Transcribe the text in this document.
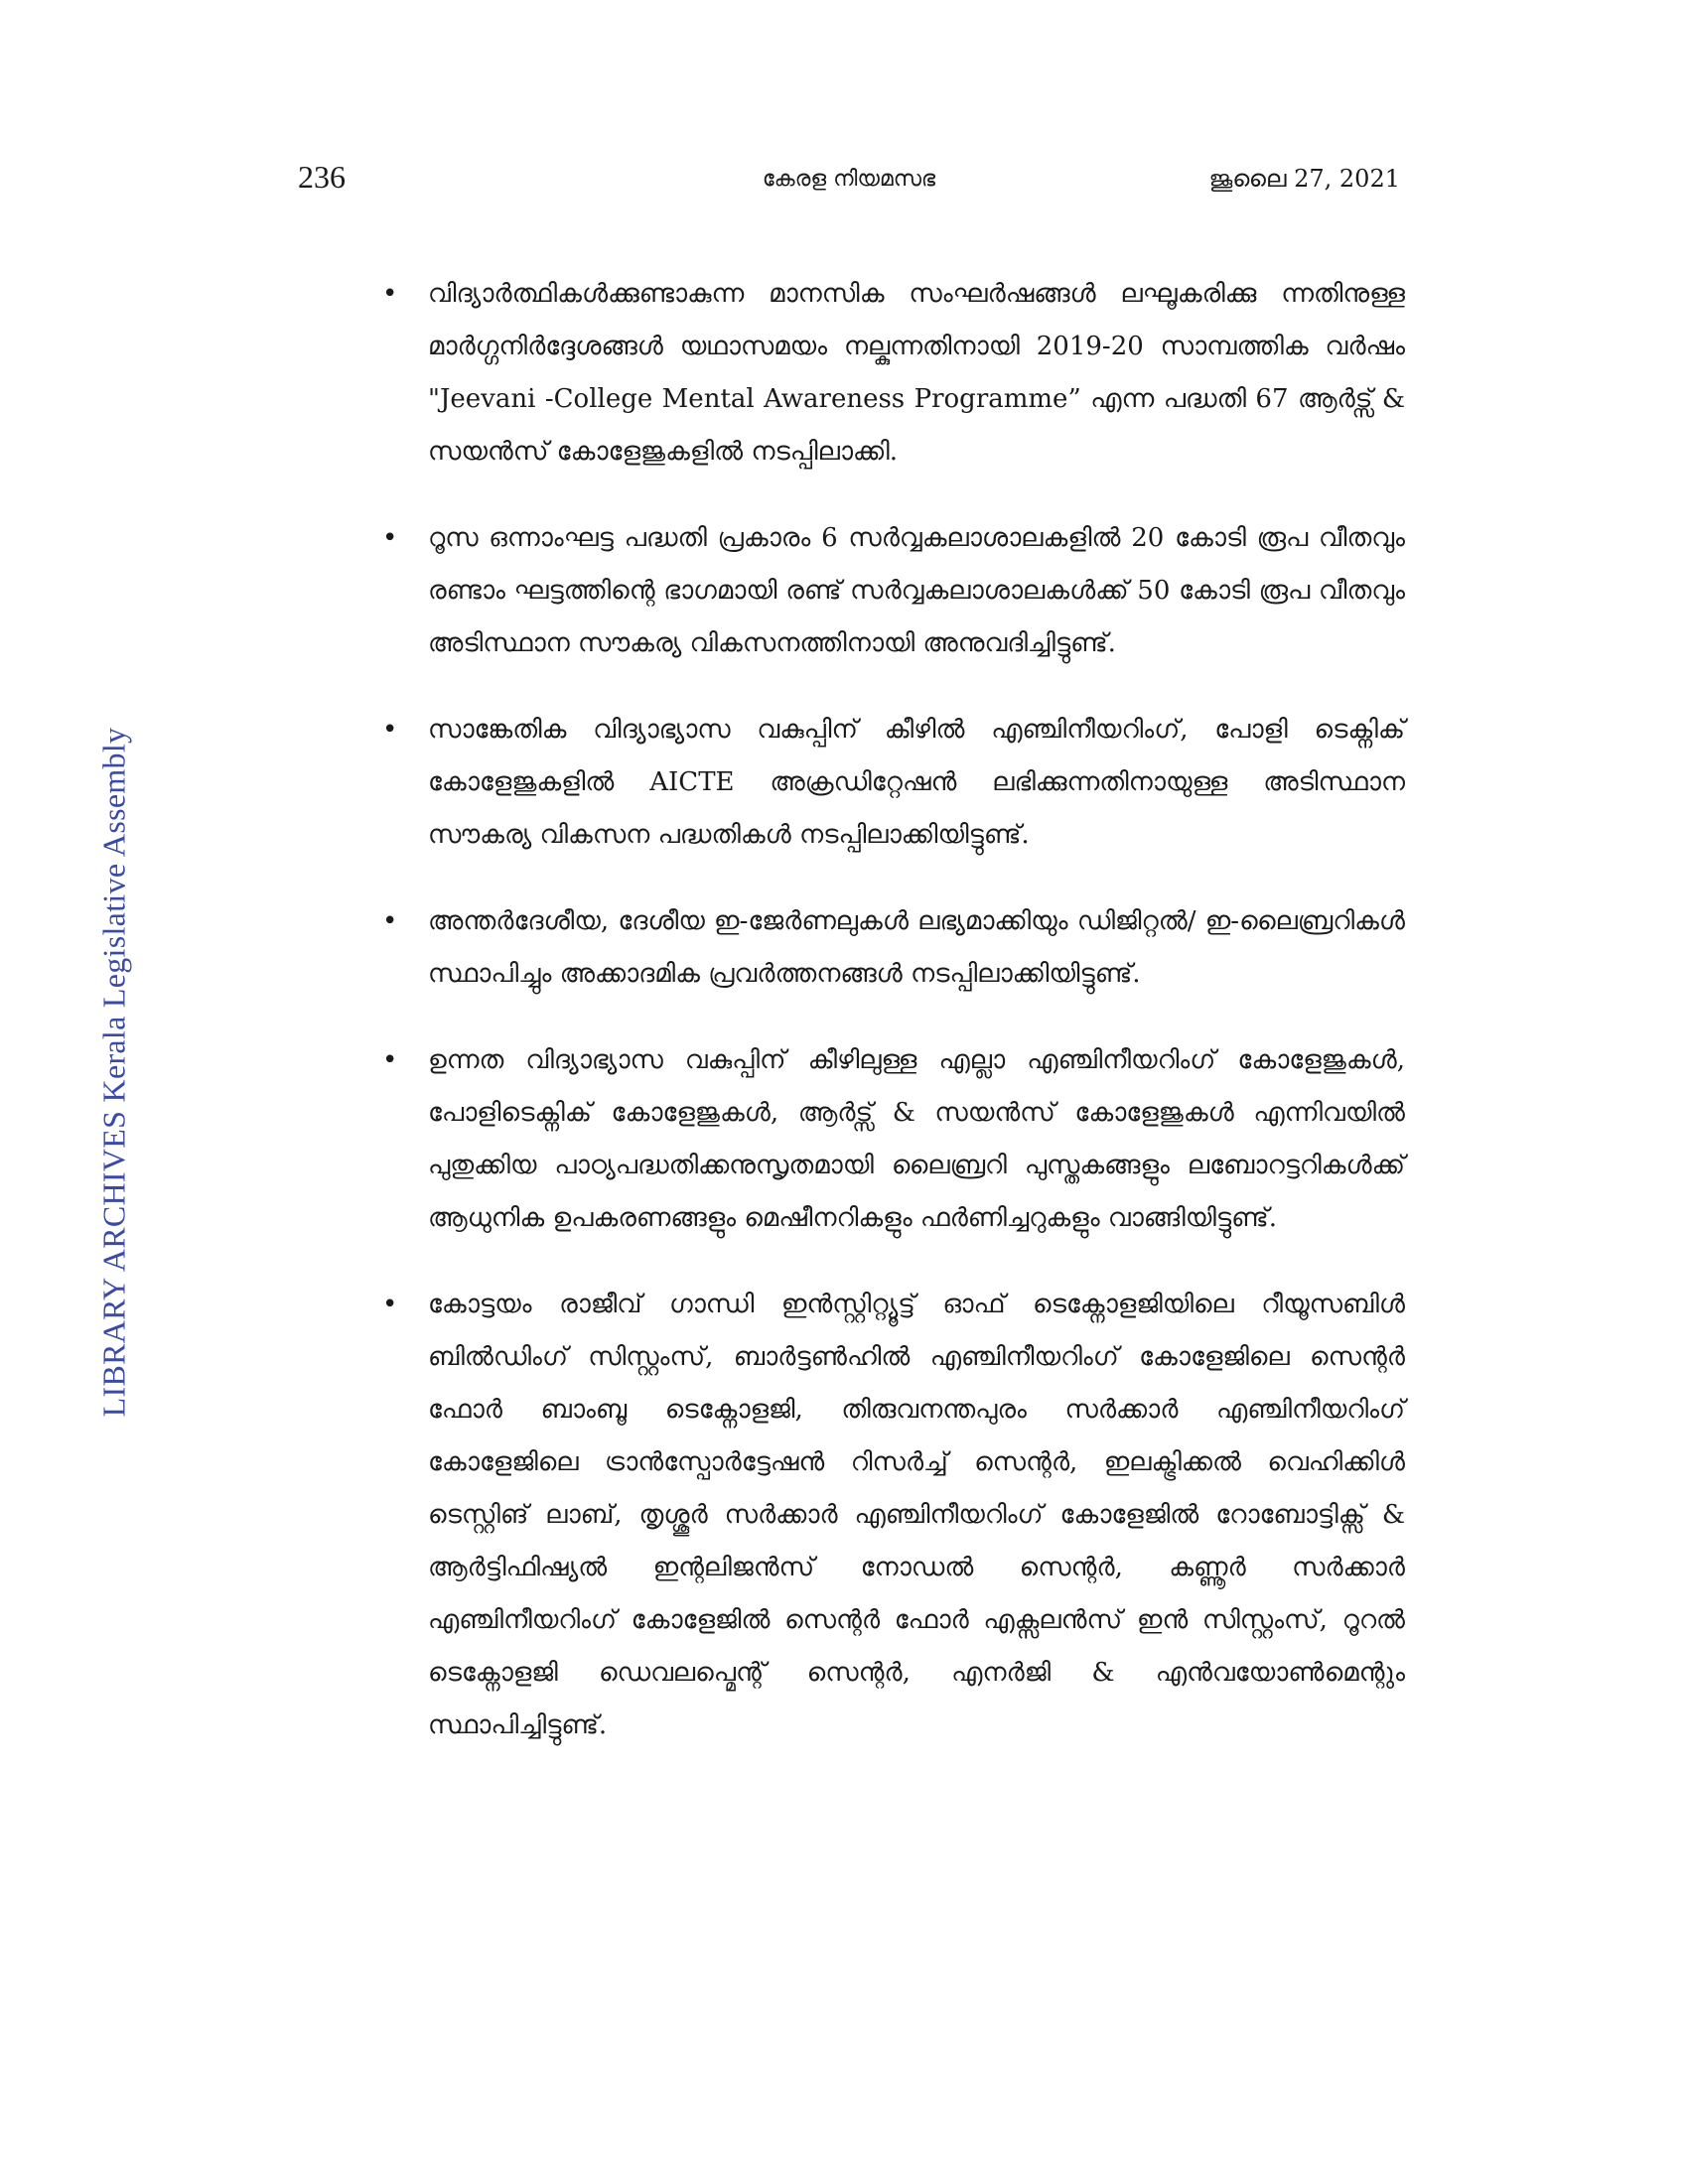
236	കേരള നിയമസഭ	ജൂലൈ 27, 2021
LIBRARY ARCHIVES Kerala Legislative Assembly
• വിദ്യാർത്ഥികൾക്കുണ്ടാകുന്ന മാനസിക സംഘർഷങ്ങൾ ലഘൂകരിക്കു ന്നതിനുള്ള മാർഗ്ഗനിർദ്ദേശങ്ങൾ യഥാസമയം നല്കുന്നതിനായി 2019-20 സാമ്പത്തിക വർഷം "Jeevani -College Mental Awareness Programme” എന്ന പദ്ധതി 67 ആർട്സ് & സയൻസ് കോളേജുകളിൽ നടപ്പിലാക്കി.
• റൂസ ഒന്നാംഘട്ട പദ്ധതി പ്രകാരം 6 സർവ്വകലാശാലകളിൽ 20 കോടി രൂപ വീതവും രണ്ടാം ഘട്ടത്തിന്റെ ഭാഗമായി രണ്ട് സർവ്വകലാശാലകൾക്ക് 50 കോടി രൂപ വീതവും അടിസ്ഥാന സൗകര്യ വികസനത്തിനായി അനുവദിച്ചിട്ടുണ്ട്.
• സാങ്കേതിക വിദ്യാഭ്യാസ വകുപ്പിന് കീഴിൽ എഞ്ചിനീയറിംഗ്, പോളി ടെക്നിക് കോളേജുകളിൽ AICTE അക്രഡിറ്റേഷൻ ലഭിക്കുന്നതിനായുള്ള അടിസ്ഥാന സൗകര്യ വികസന പദ്ധതികൾ നടപ്പിലാക്കിയിട്ടുണ്ട്.
• അന്തർദേശീയ, ദേശീയ ഇ-ജേർണലുകൾ ലഭ്യമാക്കിയും ഡിജിറ്റൽ/ ഇ-ലൈബ്രറികൾ സ്ഥാപിച്ചും അക്കാദമിക പ്രവർത്തനങ്ങൾ നടപ്പിലാക്കിയിട്ടുണ്ട്.
• ഉന്നത വിദ്യാഭ്യാസ വകുപ്പിന് കീഴിലുള്ള എല്ലാ എഞ്ചിനീയറിംഗ് കോളേജുകൾ, പോളിടെക്നിക് കോളേജുകൾ, ആർട്സ് & സയൻസ് കോളേജുകൾ എന്നിവയിൽ പുതുക്കിയ പാഠ്യപദ്ധതിക്കനുസൃതമായി ലൈബ്രറി പുസ്തകങ്ങളും ലബോറട്ടറികൾക്ക് ആധുനിക ഉപകരണങ്ങളും മെഷീനറികളും ഫർണിച്ചറുകളും വാങ്ങിയിട്ടുണ്ട്.
• കോട്ടയം രാജീവ് ഗാന്ധി ഇൻസ്റ്റിറ്റ്യൂട്ട് ഓഫ് ടെക്നോളജിയിലെ റീയൂസബിൾ ബിൽഡിംഗ് സിസ്റ്റംസ്, ബാർട്ടൺഹിൽ എഞ്ചിനീയറിംഗ് കോളേജിലെ സെന്റർ ഫോർ ബാംബൂ ടെക്നോളജി, തിരുവനന്തപുരം സർക്കാർ എഞ്ചിനീയറിംഗ് കോളേജിലെ ട്രാൻസ്പോർട്ടേഷൻ റിസർച്ച് സെന്റർ, ഇലക്ട്രിക്കൽ വെഹിക്കിൾ ടെസ്റ്റിങ് ലാബ്, തൃശ്ശൂർ സർക്കാർ എഞ്ചിനീയറിംഗ് കോളേജിൽ റോബോട്ടിക്സ് & ആർട്ടിഫിഷ്യൽ ഇന്റലിജൻസ് നോഡൽ സെന്റർ, കണ്ണൂർ സർക്കാർ എഞ്ചിനീയറിംഗ് കോളേജിൽ സെന്റർ ഫോർ എക്സലൻസ് ഇൻ സിസ്റ്റംസ്, റൂറൽ ടെക്നോളജി ഡെവലപ്മെന്റ് സെന്റർ, എനർജി & എൻവയോൺമെന്റും സ്ഥാപിച്ചിട്ടുണ്ട്.
